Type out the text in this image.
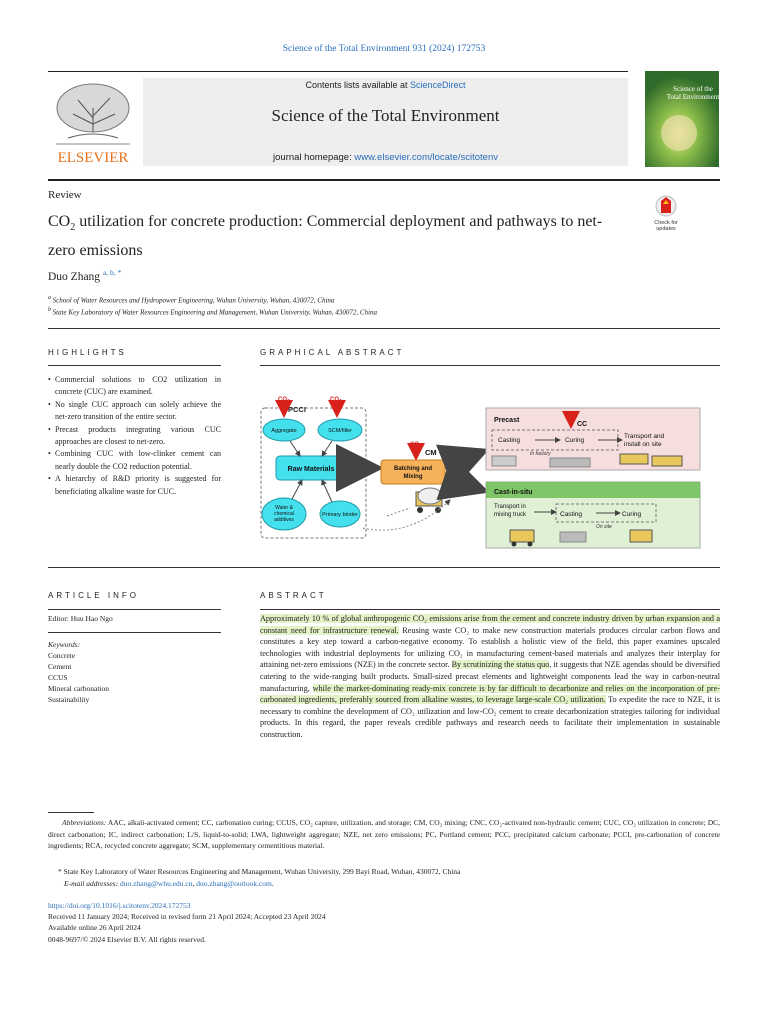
Science of the Total Environment 931 (2024) 172753
ELSEVIER
Contents lists available at ScienceDirect
Science of the Total Environment
journal homepage: www.elsevier.com/locate/scitotenv
Science of the
Total Environment
Review
$CO_2$ utilization for concrete production: Commercial deployment and pathways to net-zero emissions
Check for
updates
Duo Zhang $^{a, b, *}$
$^a$ School of Water Resources and Hydropower Engineering, Wuhan University, Wuhan, 430072, China
$^b$ State Key Laboratory of Water Resources Engineering and Management, Wuhan University, Wuhan, 430072, China
HIGHLIGHTS
• Commercial solutions to CO2 utilization in concrete (CUC) are examined.
• No single CUC approach can solely achieve the net-zero transition of the entire sector.
• Precast products integrating various CUC approaches are closest to net-zero.
• Combining CUC with low-clinker cement can nearly double the CO2 reduction potential.
• A hierarchy of R&D priority is suggested for beneficiating alkaline waste for CUC.
GRAPHICAL ABSTRACT
PCCI
CO₂	CO₂
Aggregate	SCM/filler
Raw Materials
Water & chemical additives
Primary binder
CO₂
CM
Batching and Mixing
Precast
CO₂
CC
Casting	Curing
In factory
Transport and
install on site
Cast-in-situ
Transport in
mixing truck	Casting	Curing
On site
ARTICLE INFO
Editor: Huu Hao Ngo
Keywords:
Concrete
Cement
CCUS
Mineral carbonation
Sustainability
ABSTRACT
Approximately 10 % of global anthropogenic CO₂ emissions arise from the cement and concrete industry driven by urban expansion and a constant need for infrastructure renewal. Reusing waste CO₂ to make new construction materials produces circular carbon flows and constitutes a key step toward a carbon-negative economy. To establish a holistic view of the field, this paper examines upscaled technologies with industrial deployments for utilizing CO₂ in manufacturing cement-based materials and analyzes their interplay for attaining net-zero emissions (NZE) in the concrete sector. By scrutinizing the status quo, it suggests that NZE agendas should be diversified catering to the wide-ranging built products. Small-sized precast elements and lightweight components lead the way in carbon-neutral manufacturing, while the market-dominating ready-mix concrete is by far difficult to decarbonize and relies on the incorporation of pre-carbonated ingredients, preferably sourced from alkaline wastes, to leverage large-scale CO₂ utilization. To expedite the race to NZE, it is necessary to combine the development of CO₂ utilization and low-CO₂ cement to create decarbonization strategies tailoring for individual products. In this regard, the paper reveals credible pathways and research needs to facilitate their implementation in sustainable construction.
Abbreviations: AAC, alkali-activated cement; CC, carbonation curing; CCUS, CO₂ capture, utilization, and storage; CM, CO₂ mixing; CNC, CO₂-activated non-hydraulic cement; CUC, CO₂ utilization in concrete; DC, direct carbonation; IC, indirect carbonation; L/S, liquid-to-solid; LWA, lightweight aggregate; NZE, net zero emissions; PC, Portland cement; PCC, precipitated calcium carbonate; PCCI, pre-carbonation of concrete ingredients; RCA, recycled concrete aggregate; SCM, supplementary cementitious material.
* State Key Laboratory of Water Resources Engineering and Management, Wuhan University, 299 Bayi Road, Wuhan, 430072, China
E-mail addresses: duo.zhang@whu.edu.cn, duo.zhang@outlook.com.
https://doi.org/10.1016/j.scitotenv.2024.172753
Received 11 January 2024; Received in revised form 21 April 2024; Accepted 23 April 2024
Available online 26 April 2024
0048-9697/© 2024 Elsevier B.V. All rights reserved.
